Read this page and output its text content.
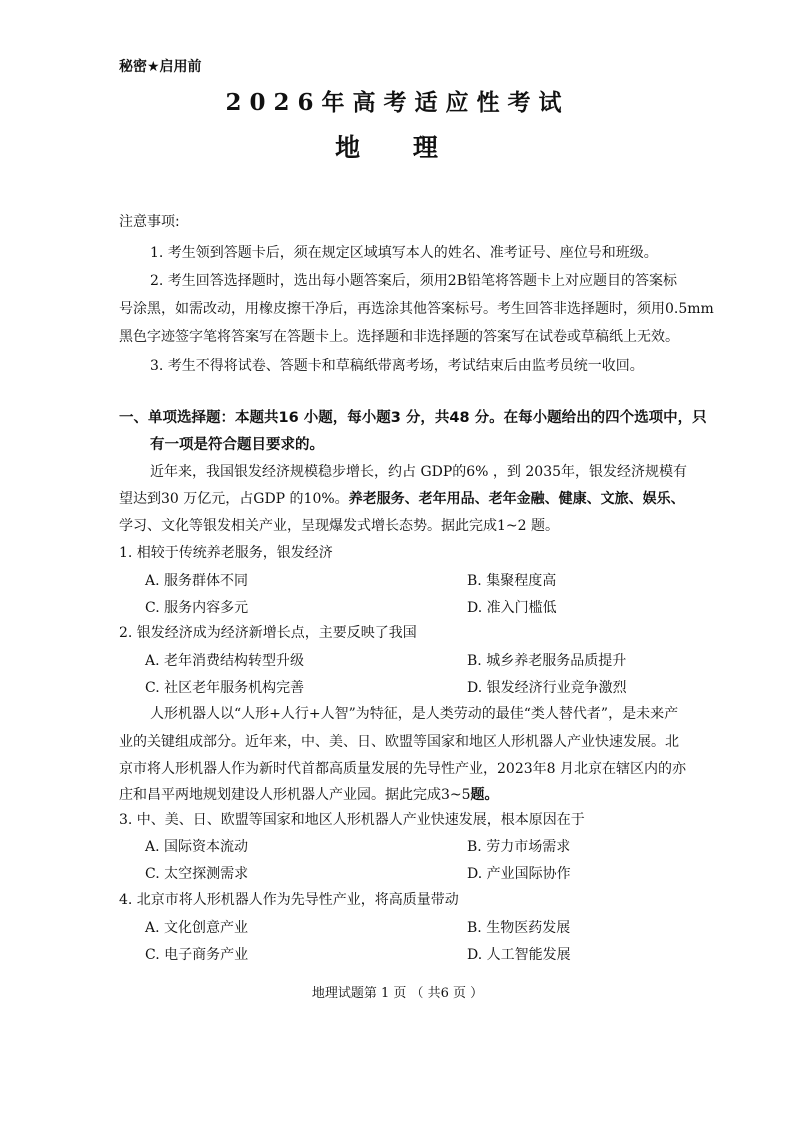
秘密★启用前
2026年高考适应性考试
地 理
注意事项:
1. 考生领到答题卡后，须在规定区域填写本人的姓名、准考证号、座位号和班级。
2. 考生回答选择题时，选出每小题答案后，须用2B铅笔将答题卡上对应题目的答案标
号涂黑，如需改动，用橡皮擦干净后，再选涂其他答案标号。考生回答非选择题时，须用0.5mm
黑色字迹签字笔将答案写在答题卡上。选择题和非选择题的答案写在试卷或草稿纸上无效。
3. 考生不得将试卷、答题卡和草稿纸带离考场，考试结束后由监考员统一收回。
一、单项选择题：本题共16 小题，每小题3 分，共48 分。在每小题给出的四个选项中，只
有一项是符合题目要求的。
近年来，我国银发经济规模稳步增长，约占 GDP的6% ，到 2035年，银发经济规模有
望达到30 万亿元，占GDP 的10%。养老服务、老年用品、老年金融、健康、文旅、娱乐、
学习、文化等银发相关产业，呈现爆发式增长态势。据此完成1~2 题。
1. 相较于传统养老服务，银发经济
A. 服务群体不同	B. 集聚程度高
C. 服务内容多元	D. 准入门槛低
2. 银发经济成为经济新增长点，主要反映了我国
A. 老年消费结构转型升级	B. 城乡养老服务品质提升
C. 社区老年服务机构完善	D. 银发经济行业竞争激烈
人形机器人以“人形+人行+人智”为特征，是人类劳动的最佳“类人替代者”，是未来产
业的关键组成部分。近年来，中、美、日、欧盟等国家和地区人形机器人产业快速发展。北
京市将人形机器人作为新时代首都高质量发展的先导性产业，2023年8 月北京在辖区内的亦
庄和昌平两地规划建设人形机器人产业园。据此完成3~5题。
3. 中、美、日、欧盟等国家和地区人形机器人产业快速发展，根本原因在于
A. 国际资本流动	B. 劳力市场需求
C. 太空探测需求	D. 产业国际协作
4. 北京市将人形机器人作为先导性产业，将高质量带动
A. 文化创意产业	B. 生物医药发展
C. 电子商务产业	D. 人工智能发展
地理试题第 1 页 （ 共6 页 ）
